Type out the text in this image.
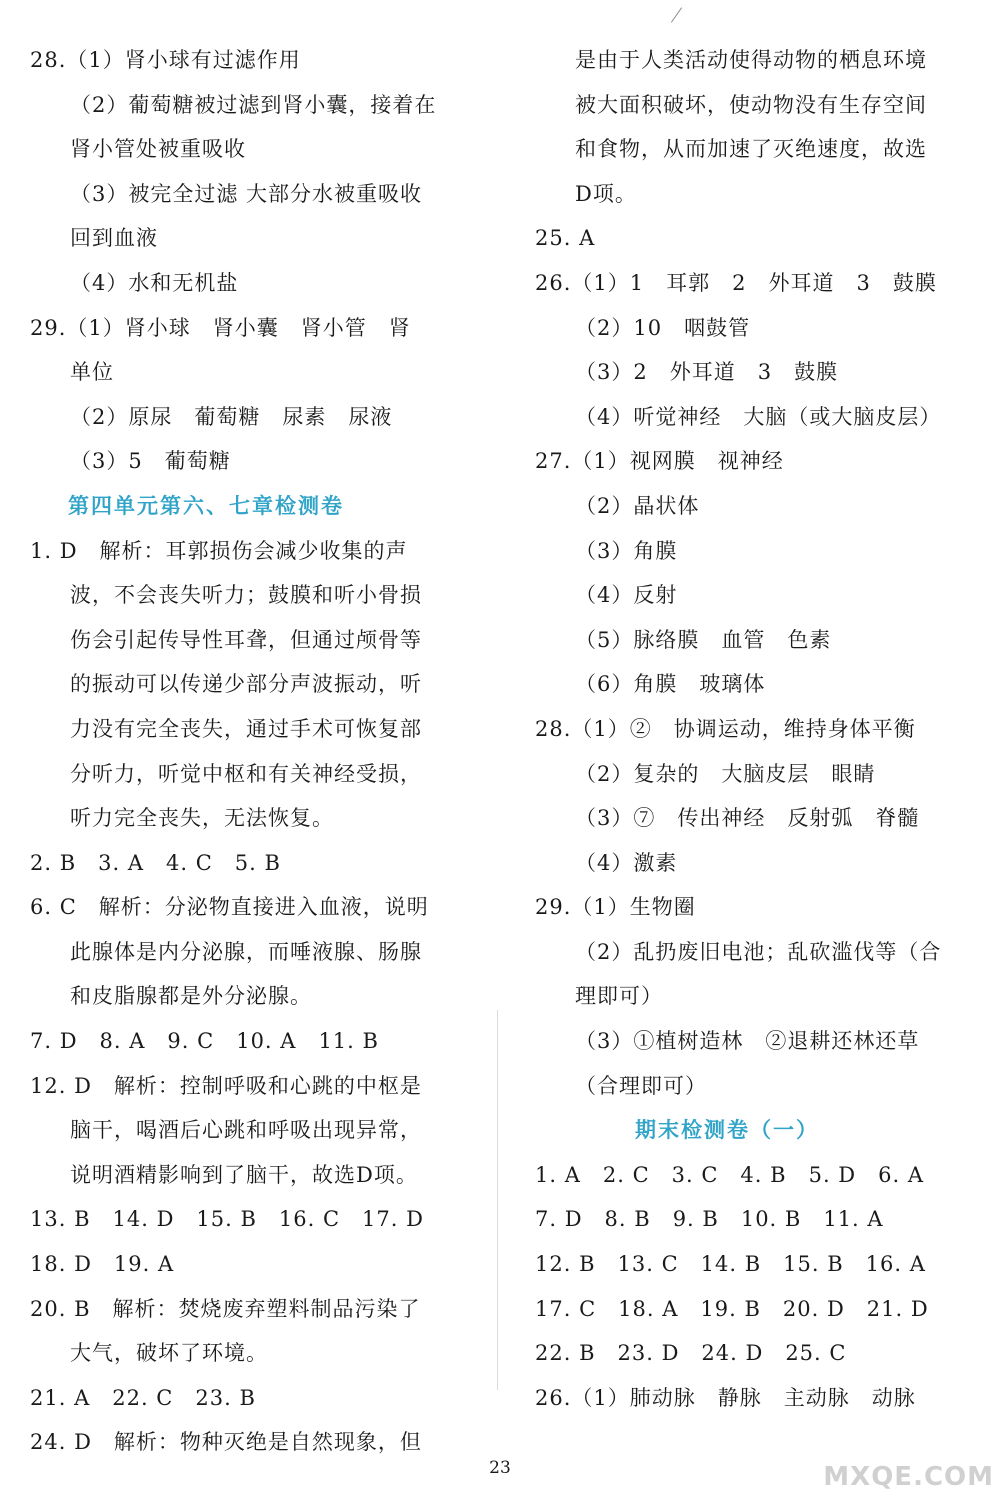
28.（1）肾小球有过滤作用
（2）葡萄糖被过滤到肾小囊，接着在
肾小管处被重吸收
（3）被完全过滤 大部分水被重吸收
回到血液
（4）水和无机盐
29.（1）肾小球　肾小囊　肾小管　肾
单位
（2）原尿　葡萄糖　尿素　尿液
（3）5　葡萄糖
第四单元第六、七章检测卷
1. D　解析：耳郭损伤会减少收集的声
波，不会丧失听力；鼓膜和听小骨损
伤会引起传导性耳聋，但通过颅骨等
的振动可以传递少部分声波振动，听
力没有完全丧失，通过手术可恢复部
分听力，听觉中枢和有关神经受损，
听力完全丧失，无法恢复。
2. B　3. A　4. C　5. B
6. C　解析：分泌物直接进入血液，说明
此腺体是内分泌腺，而唾液腺、肠腺
和皮脂腺都是外分泌腺。
7. D　8. A　9. C　10. A　11. B
12. D　解析：控制呼吸和心跳的中枢是
脑干，喝酒后心跳和呼吸出现异常，
说明酒精影响到了脑干，故选D项。
13. B　14. D　15. B　16. C　17. D
18. D　19. A
20. B　解析：焚烧废弃塑料制品污染了
大气，破坏了环境。
21. A　22. C　23. B
24. D　解析：物种灭绝是自然现象，但
是由于人类活动使得动物的栖息环境
被大面积破坏，使动物没有生存空间
和食物，从而加速了灭绝速度，故选
D项。
25. A
26.（1）1　耳郭　2　外耳道　3　鼓膜
（2）10　咽鼓管
（3）2　外耳道　3　鼓膜
（4）听觉神经　大脑（或大脑皮层）
27.（1）视网膜　视神经
（2）晶状体
（3）角膜
（4）反射
（5）脉络膜　血管　色素
（6）角膜　玻璃体
28.（1）②　协调运动，维持身体平衡
（2）复杂的　大脑皮层　眼睛
（3）⑦　传出神经　反射弧　脊髓
（4）激素
29.（1）生物圈
（2）乱扔废旧电池；乱砍滥伐等（合
理即可）
（3）①植树造林　②退耕还林还草
（合理即可）
期末检测卷（一）
1. A　2. C　3. C　4. B　5. D　6. A
7. D　8. B　9. B　10. B　11. A
12. B　13. C　14. B　15. B　16. A
17. C　18. A　19. B　20. D　21. D
22. B　23. D　24. D　25. C
26.（1）肺动脉　静脉　主动脉　动脉
23	MXQE.COM
